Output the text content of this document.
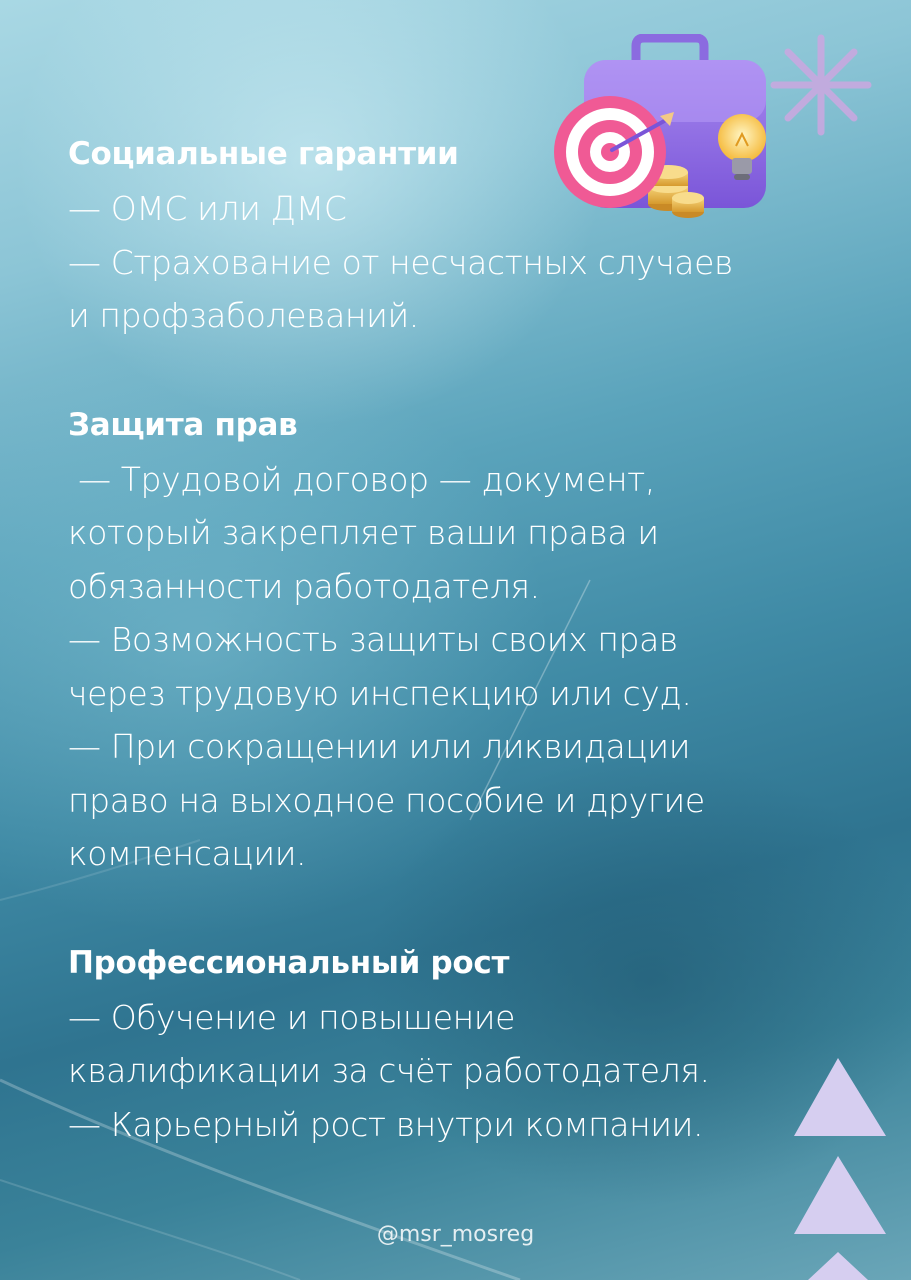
Социальные гарантии
— ОМС или ДМС
— Страхование от несчастных случаев
и профзаболеваний.
Защита прав
— Трудовой договор — документ,
который закрепляет ваши права и
обязанности работодателя.
— Возможность защиты своих прав
через трудовую инспекцию или суд.
— При сокращении или ликвидации
право на выходное пособие и другие
компенсации.
Профессиональный рост
— Обучение и повышение
квалификации за счёт работодателя.
— Карьерный рост внутри компании.
@msr_mosreg
